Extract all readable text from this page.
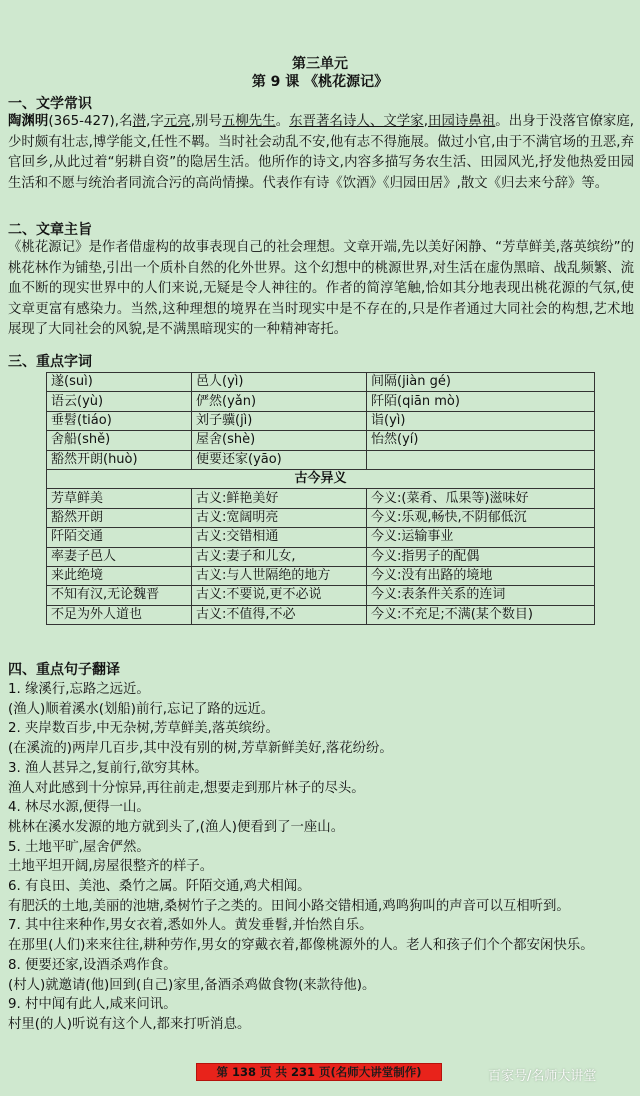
第三单元
第 9 课 《桃花源记》
一、文学常识
陶渊明(365-427),名潜,字元亮,别号五柳先生。东晋著名诗人、文学家,田园诗鼻祖。出身于没落官僚家庭,少时颇有壮志,博学能文,任性不羁。当时社会动乱不安,他有志不得施展。做过小官,由于不满官场的丑恶,弃官回乡,从此过着“躬耕自资”的隐居生活。他所作的诗文,内容多描写务农生活、田园风光,抒发他热爱田园生活和不愿与统治者同流合污的高尚情操。代表作有诗《饮酒》《归园田居》,散文《归去来兮辞》等。
二、文章主旨
《桃花源记》是作者借虚构的故事表现自己的社会理想。文章开端,先以美好闲静、“芳草鲜美,落英缤纷”的桃花林作为铺垫,引出一个质朴自然的化外世界。这个幻想中的桃源世界,对生活在虚伪黑暗、战乱频繁、流血不断的现实世界中的人们来说,无疑是令人神往的。作者的简淳笔触,恰如其分地表现出桃花源的气氛,使文章更富有感染力。当然,这种理想的境界在当时现实中是不存在的,只是作者通过大同社会的构想,艺术地展现了大同社会的风貌,是不满黑暗现实的一种精神寄托。
三、重点字词
遂(suì)	邑人(yì)	间隔(jiàn gé)
语云(yù)	俨然(yǎn)	阡陌(qiān mò)
垂髫(tiáo)	刘子骥(jì)	诣(yì)
舍船(shě)	屋舍(shè)	怡然(yí)
豁然开朗(huò)	便要还家(yāo)	
古今异义		
芳草鲜美	古义:鲜艳美好	今义:(菜肴、瓜果等)滋味好
豁然开朗	古义:宽阔明亮	今义:乐观,畅快,不阴郁低沉
阡陌交通	古义:交错相通	今义:运输事业
率妻子邑人	古义:妻子和儿女,	今义:指男子的配偶
来此绝境	古义:与人世隔绝的地方	今义:没有出路的境地
不知有汉,无论魏晋	古义:不要说,更不必说	今义:表条件关系的连词
不足为外人道也	古义:不值得,不必	今义:不充足;不满(某个数目)
四、重点句子翻译
1. 缘溪行,忘路之远近。
(渔人)顺着溪水(划船)前行,忘记了路的远近。
2. 夹岸数百步,中无杂树,芳草鲜美,落英缤纷。
(在溪流的)两岸几百步,其中没有别的树,芳草新鲜美好,落花纷纷。
3. 渔人甚异之,复前行,欲穷其林。
渔人对此感到十分惊异,再往前走,想要走到那片林子的尽头。
4. 林尽水源,便得一山。
桃林在溪水发源的地方就到头了,(渔人)便看到了一座山。
5. 土地平旷,屋舍俨然。
土地平坦开阔,房屋很整齐的样子。
6. 有良田、美池、桑竹之属。阡陌交通,鸡犬相闻。
有肥沃的土地,美丽的池塘,桑树竹子之类的。田间小路交错相通,鸡鸣狗叫的声音可以互相听到。
7. 其中往来种作,男女衣着,悉如外人。黄发垂髫,并怡然自乐。
在那里(人们)来来往往,耕种劳作,男女的穿戴衣着,都像桃源外的人。老人和孩子们个个都安闲快乐。
8. 便要还家,设酒杀鸡作食。
(村人)就邀请(他)回到(自己)家里,备酒杀鸡做食物(来款待他)。
9. 村中闻有此人,咸来问讯。
村里(的人)听说有这个人,都来打听消息。
第 138 页 共 231 页(名师大讲堂制作)	百家号/名师大讲堂
